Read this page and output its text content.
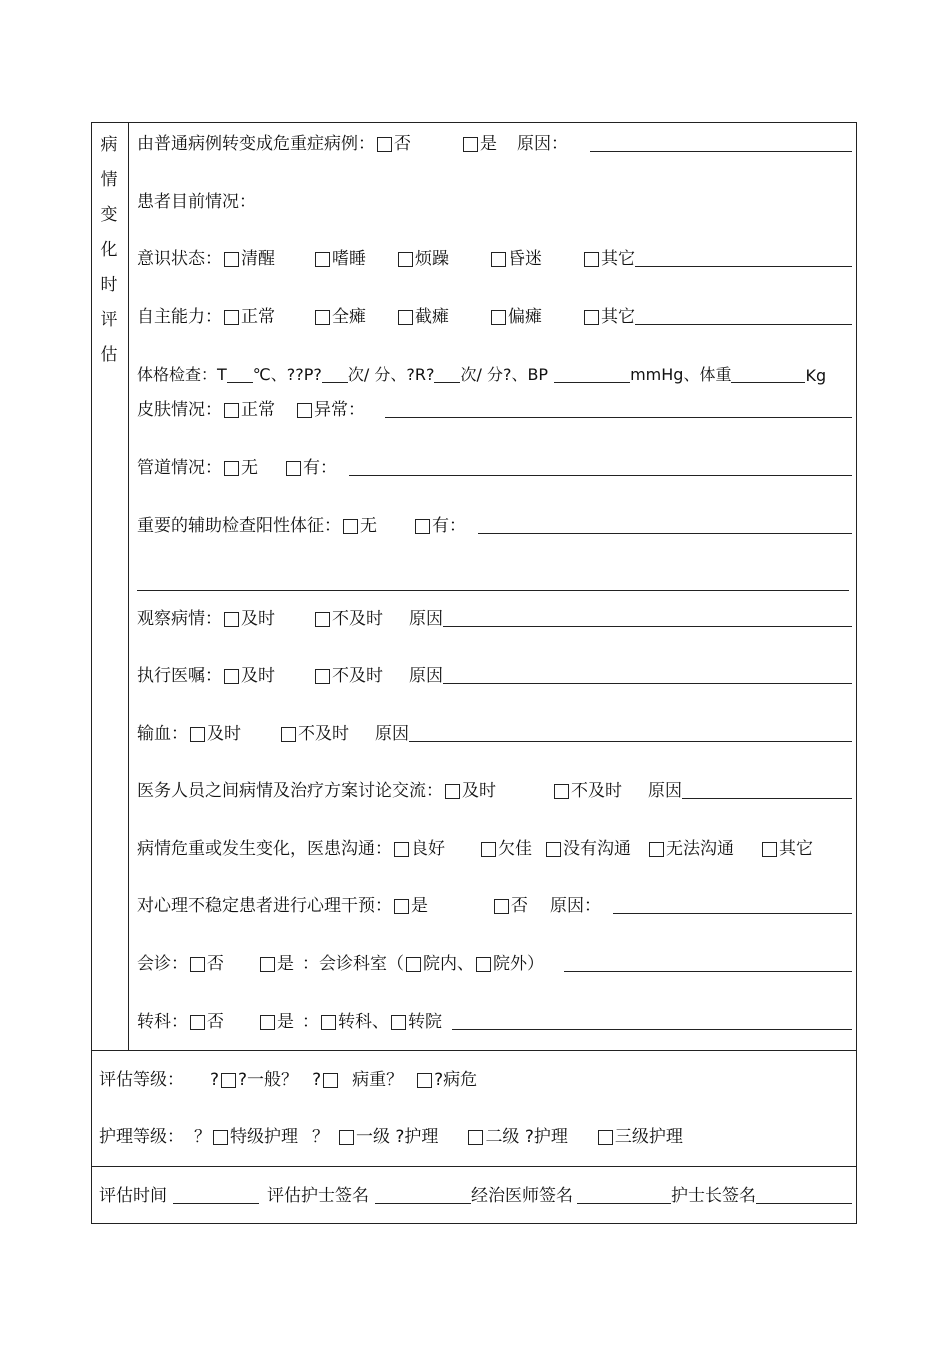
病
情
变
化
时
评
估
由普通病例转变成危重症病例： 否	是 原因：
患者目前情况：
意识状态： 清醒	嗜睡	烦躁	昏迷	其它
自主能力： 正常	全瘫	截瘫	偏瘫	其它
体格检查：T ℃、??P? 次/ 分、?R? 次/ 分?、BP	mmHg、体重	Kg
皮肤情况： 正常 异常：
管道情况： 无	有：
重要的辅助检查阳性体征： 无	有：
观察病情： 及时	不及时 原因
执行医嘱： 及时	不及时 原因
输血： 及时	不及时 原因
医务人员之间病情及治疗方案讨论交流： 及时	不及时 原因
病情危重或发生变化，医患沟通： 良好	欠佳 没有沟通 无法沟通	其它
对心理不稳定患者进行心理干预： 是	否 原因：
会诊： 否	是 ：会诊科室（ 院内、 院外）
转科： 否	是 ： 转科、 转院
评估等级： ? ?一般？ ? 病重？ ?病危
护理等级： ？ 特级护理 ？ 一级 ?护理	二级 ?护理	三级护理
评估时间	评估护士签名	经治医师签名	护士长签名
